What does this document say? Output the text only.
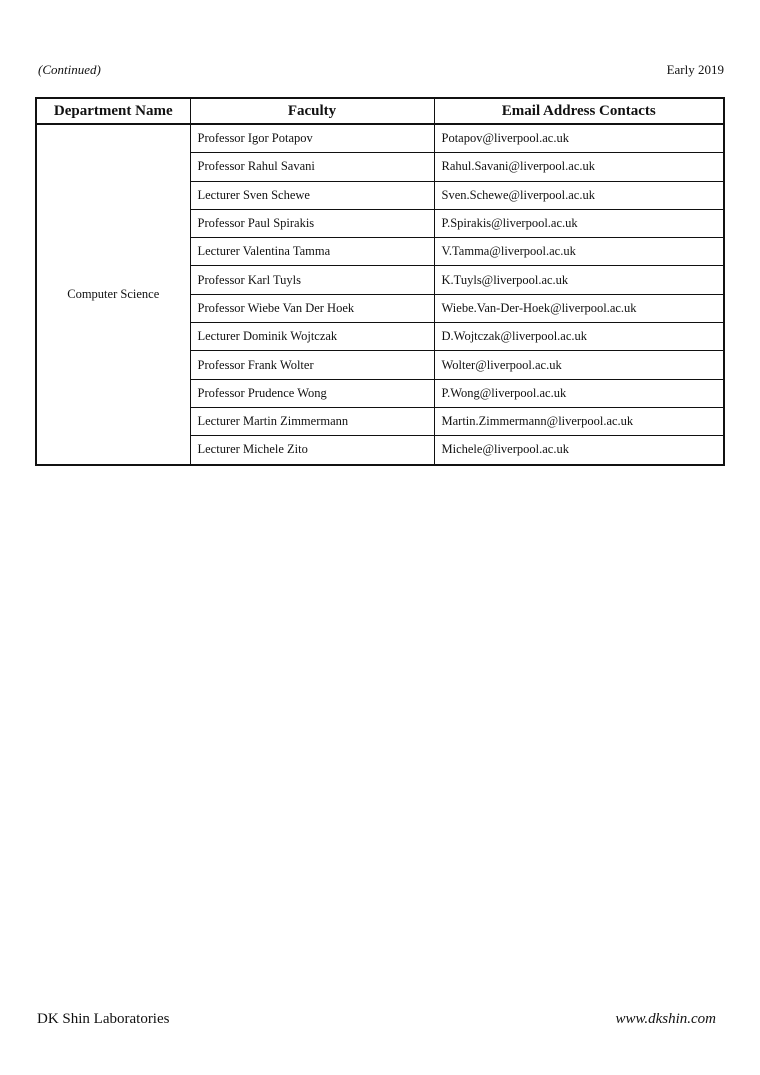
(Continued)	Early 2019
Department Name	Faculty	Email Address Contacts
Computer Science	Professor Igor Potapov	Potapov@liverpool.ac.uk
	Professor Rahul Savani	Rahul.Savani@liverpool.ac.uk
	Lecturer Sven Schewe	Sven.Schewe@liverpool.ac.uk
	Professor Paul Spirakis	P.Spirakis@liverpool.ac.uk
	Lecturer Valentina Tamma	V.Tamma@liverpool.ac.uk
	Professor Karl Tuyls	K.Tuyls@liverpool.ac.uk
	Professor Wiebe Van Der Hoek	Wiebe.Van-Der-Hoek@liverpool.ac.uk
	Lecturer Dominik Wojtczak	D.Wojtczak@liverpool.ac.uk
	Professor Frank Wolter	Wolter@liverpool.ac.uk
	Professor Prudence Wong	P.Wong@liverpool.ac.uk
	Lecturer Martin Zimmermann	Martin.Zimmermann@liverpool.ac.uk
	Lecturer Michele Zito	Michele@liverpool.ac.uk
DK Shin Laboratories	www.dkshin.com
